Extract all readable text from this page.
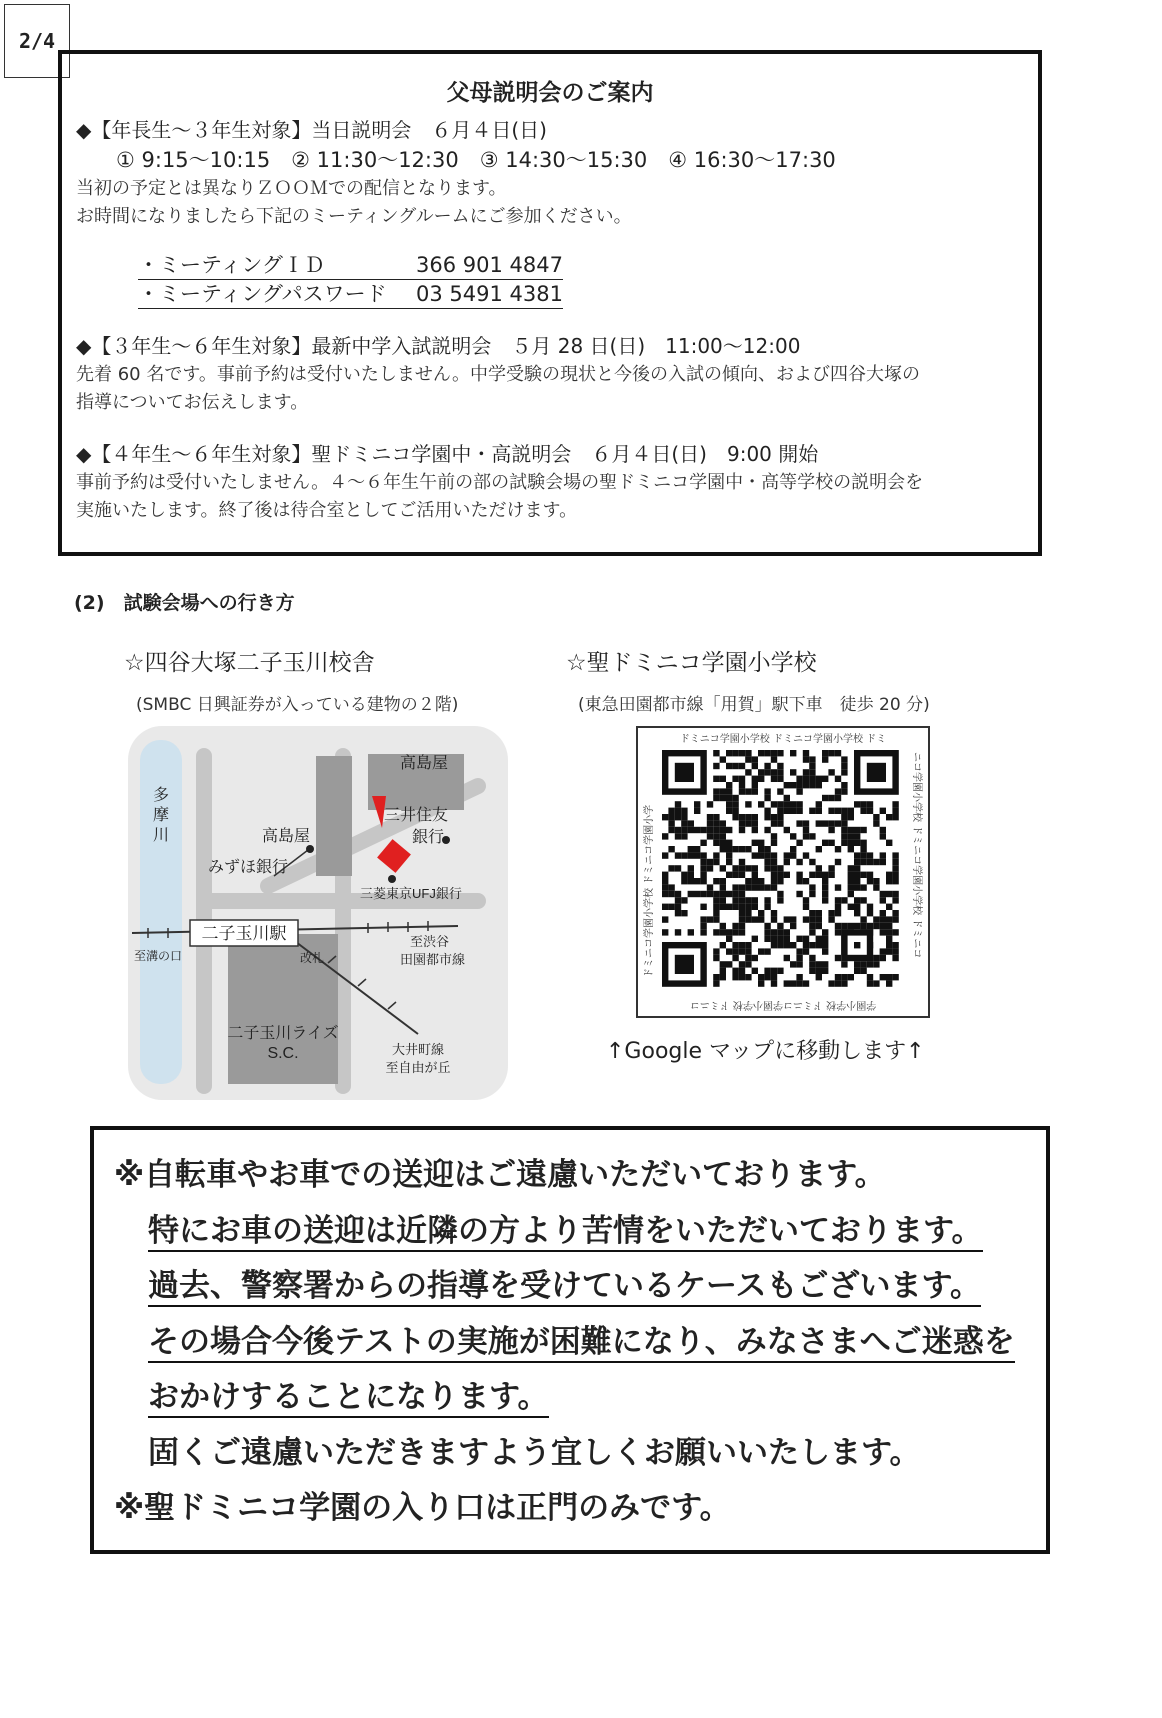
2/4

父母説明会のご案内

◆【年長生～３年生対象】当日説明会　６月４日(日)

① 9:15～10:15　② 11:30～12:30　③ 14:30～15:30　④ 16:30～17:30

当初の予定とは異なりＺＯＯＭでの配信となります。

お時間になりましたら下記のミーティングルームにご参加ください。

・ミーティングＩＤ	366 901 4847
・ミーティングパスワード 03 5491 4381

◆【３年生～６年生対象】最新中学入試説明会　５月 28 日(日)　11:00～12:00

先着 60 名です。事前予約は受付いたしません。中学受験の現状と今後の入試の傾向、および四谷大塚の

指導についてお伝えします。

◆【４年生～６年生対象】聖ドミニコ学園中・高説明会　６月４日(日)　9:00 開始

事前予約は受付いたしません。４～６年生午前の部の試験会場の聖ドミニコ学園中・高等学校の説明会を

実施いたします。終了後は待合室としてご活用いただけます。

(2)　試験会場への行き方
☆四谷大塚二子玉川校舎
(SMBC 日興証券が入っている建物の２階)
☆聖ドミニコ学園小学校
(東急田園都市線「用賀」駅下車　徒歩 20 分)
多
摩
川
高島屋
三井住友
銀行
高島屋
みずほ銀行
三菱東京UFJ銀行
二子玉川駅
至溝の口	改札
至渋谷
田園都市線
二子玉川ライズ
S.C.	大井町線
至自由が丘
ドミニコ学園小学校 ドミニコ学園小学校 ドミ
学園小学校 ドミニコ学園小学校 ドミニコ
ドミニコ学園小学校 ドミニコ学園小学	ニコ学園小学校 ドミニコ学園小学校 ドミニコ
↑Google マップに移動します↑

※自転車やお車での送迎はご遠慮いただいております。

特にお車の送迎は近隣の方より苦情をいただいております。

過去、警察署からの指導を受けているケースもございます。

その場合今後テストの実施が困難になり、みなさまへご迷惑を

おかけすることになります。

固くご遠慮いただきますよう宜しくお願いいたします。

※聖ドミニコ学園の入り口は正門のみです。
